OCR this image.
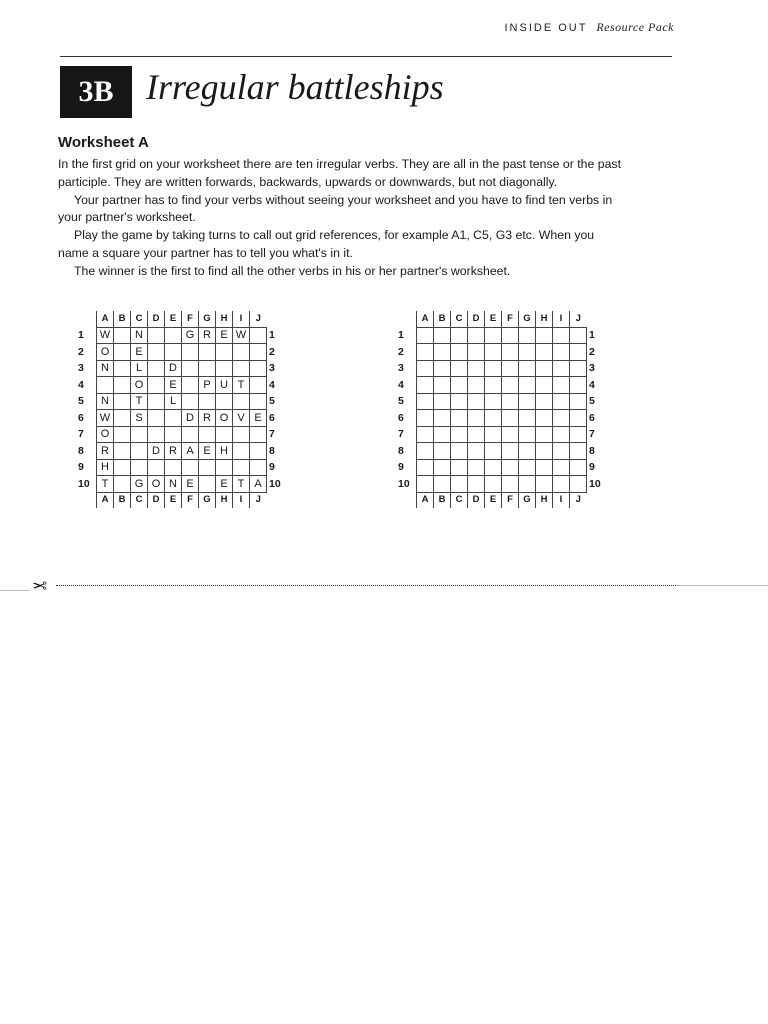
INSIDE OUT Resource Pack
3B Irregular battleships
Worksheet A

In the first grid on your worksheet there are ten irregular verbs. They are all in the past tense or the past participle. They are written forwards, backwards, upwards or downwards, but not diagonally.

Your partner has to find your verbs without seeing your worksheet and you have to find ten verbs in your partner's worksheet.

Play the game by taking turns to call out grid references, for example A1, C5, G3 etc. When you name a square your partner has to tell you what's in it.

The winner is the first to find all the other verbs in his or her partner's worksheet.

	A	B	C	D	E	F	G	H	I	J	
1	W		N			G	R	E	W		1
2	O		E								2
3	N		L		D						3
4			O		E		P	U	T		4
5	N		T		L						5
6	W		S			D	R	O	V	E	6
7	O										7
8	R			D	R	A	E	H			8
9	H										9
10	T		G	O	N	E		E	T	A	10
	A	B	C	D	E	F	G	H	I	J	
	A	B	C	D	E	F	G	H	I	J	
1											1
2											2
3											3
4											4
5											5
6											6
7											7
8											8
9											9
10											10
	A	B	C	D	E	F	G	H	I	J	
✂
